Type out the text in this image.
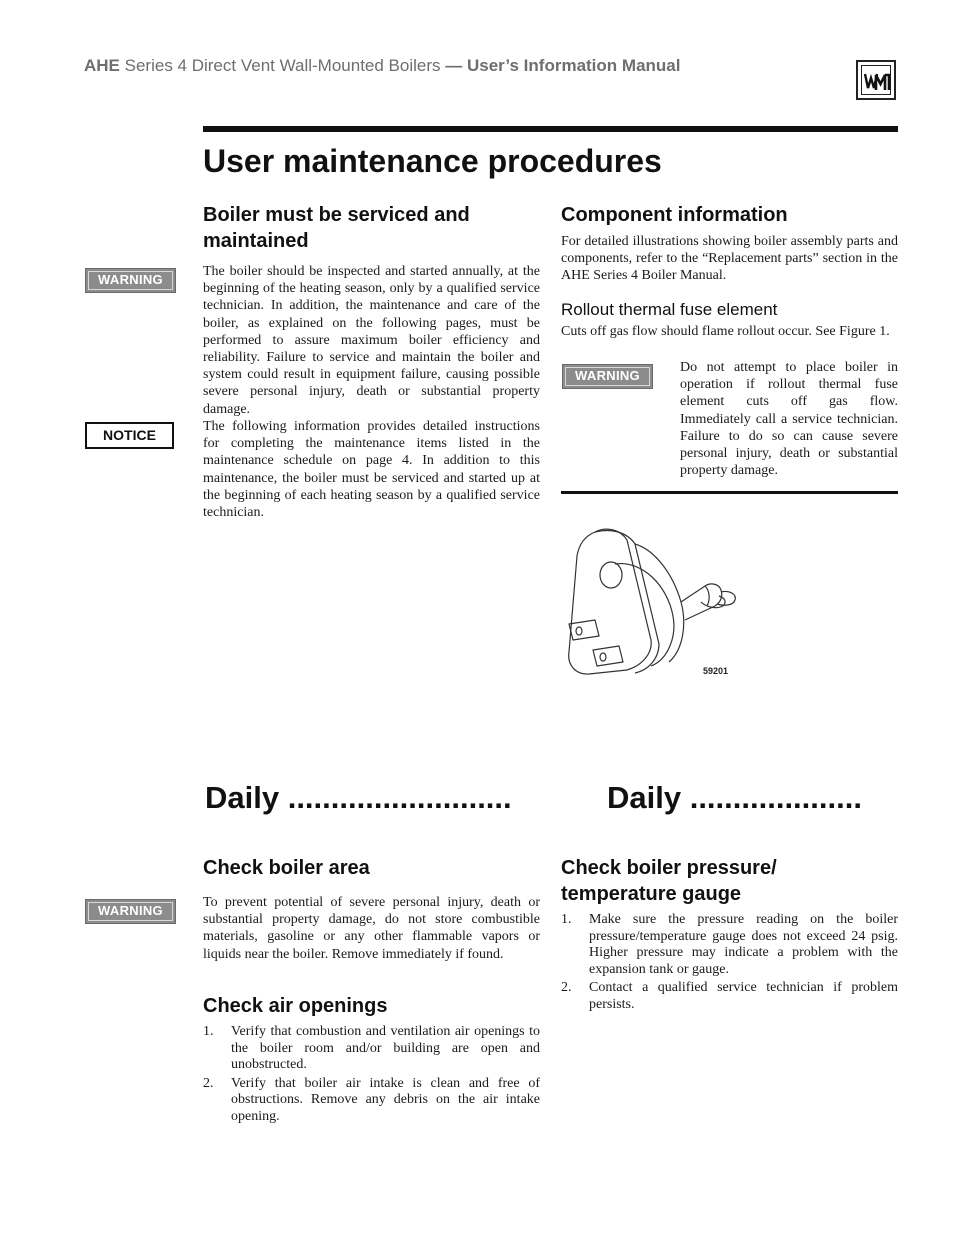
AHE Series 4 Direct Vent Wall-Mounted Boilers — User’s Information Manual
User maintenance procedures
Boiler must be serviced and maintained
WARNING
The boiler should be inspected and started annually, at the beginning of the heating season, only by a qualified service technician. In addition, the maintenance and care of the boiler, as explained on the following pages, must be performed to assure maximum boiler efficiency and reliability. Failure to service and maintain the boiler and system could result in equipment failure, causing possible severe personal injury, death or substantial property damage.
NOTICE
The following information provides detailed instructions for completing the maintenance items listed in the maintenance schedule on page 4. In addition to this maintenance, the boiler must be serviced and started up at the beginning of each heating season by a qualified service technician.
Component information
For detailed illustrations showing boiler assembly parts and components, refer to the “Replacement parts” section in the AHE Series 4 Boiler Manual.
Rollout thermal fuse element
Cuts off gas flow should flame rollout occur. See Figure 1.
WARNING
Do not attempt to place boiler in operation if rollout thermal fuse element cuts off gas flow. Immediately call a service technician. Failure to do so can cause severe personal injury, death or substantial property damage.
59201
Daily ..........................	Daily ....................
Check boiler area
WARNING
To prevent potential of severe personal injury, death or substantial property damage, do not store combustible materials, gasoline or any other flammable vapors or liquids near the boiler. Remove immediately if found.
Check air openings
1. Verify that combustion and ventilation air openings to the boiler room and/or building are open and unobstructed.
2. Verify that boiler air intake is clean and free of obstructions. Remove any debris on the air intake opening.
Check boiler pressure/
temperature gauge
1. Make sure the pressure reading on the boiler pressure/temperature gauge does not exceed 24 psig. Higher pressure may indicate a problem with the expansion tank or gauge.
2. Contact a qualified service technician if problem persists.
